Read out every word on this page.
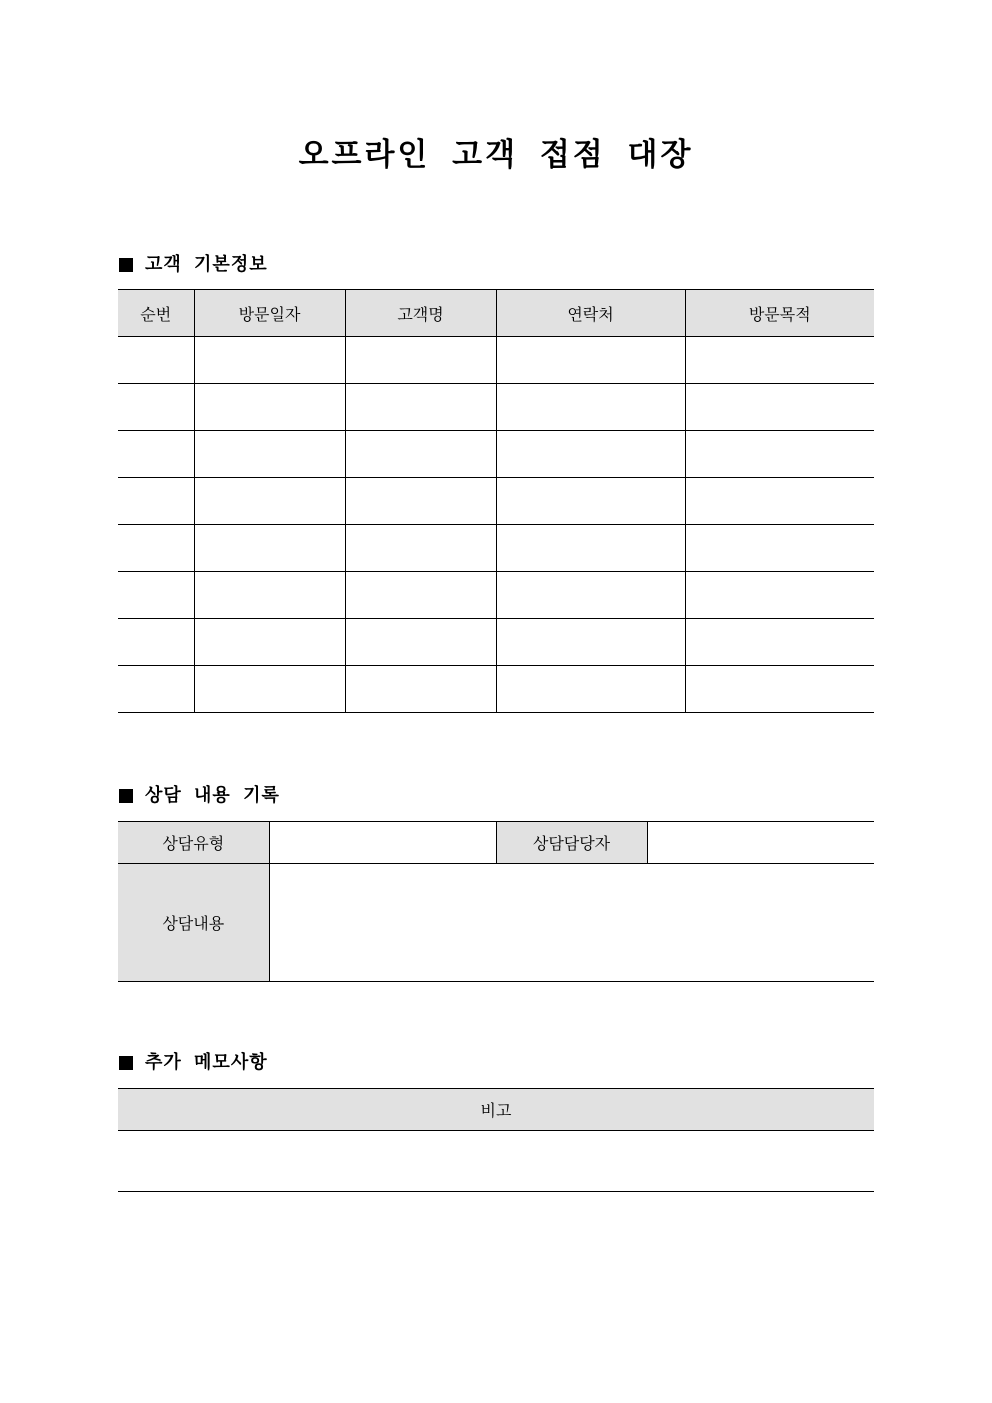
오프라인 고객 접점 대장
고객 기본정보
순번	방문일자	고객명	연락처	방문목적

상담 내용 기록
상담유형		상담담당자	
상담내용			
추가 메모사항
비고
